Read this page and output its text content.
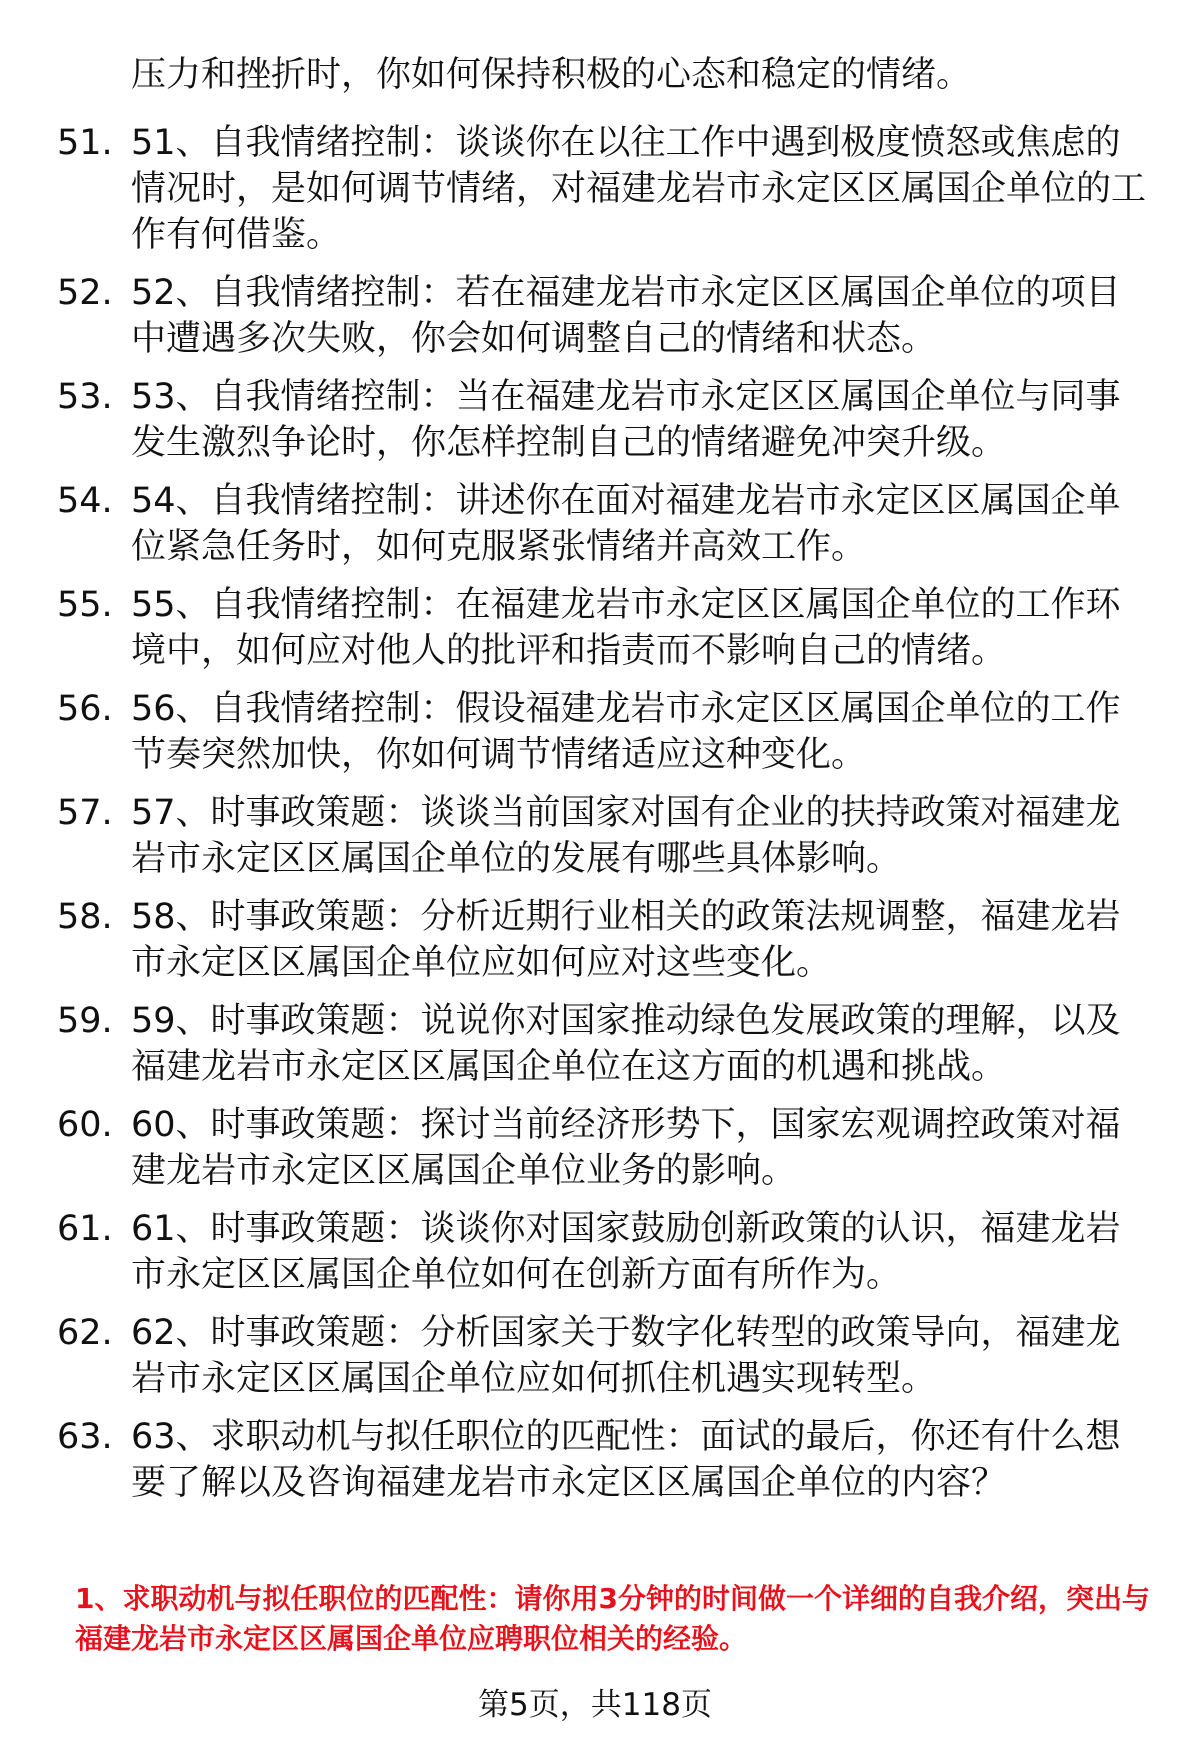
压力和挫折时，你如何保持积极的心态和稳定的情绪。
51. 51、自我情绪控制：谈谈你在以往工作中遇到极度愤怒或焦虑的情况时，是如何调节情绪，对福建龙岩市永定区区属国企单位的工作有何借鉴。
52. 52、自我情绪控制：若在福建龙岩市永定区区属国企单位的项目中遭遇多次失败，你会如何调整自己的情绪和状态。
53. 53、自我情绪控制：当在福建龙岩市永定区区属国企单位与同事发生激烈争论时，你怎样控制自己的情绪避免冲突升级。
54. 54、自我情绪控制：讲述你在面对福建龙岩市永定区区属国企单位紧急任务时，如何克服紧张情绪并高效工作。
55. 55、自我情绪控制：在福建龙岩市永定区区属国企单位的工作环境中，如何应对他人的批评和指责而不影响自己的情绪。
56. 56、自我情绪控制：假设福建龙岩市永定区区属国企单位的工作节奏突然加快，你如何调节情绪适应这种变化。
57. 57、时事政策题：谈谈当前国家对国有企业的扶持政策对福建龙岩市永定区区属国企单位的发展有哪些具体影响。
58. 58、时事政策题：分析近期行业相关的政策法规调整，福建龙岩市永定区区属国企单位应如何应对这些变化。
59. 59、时事政策题：说说你对国家推动绿色发展政策的理解，以及福建龙岩市永定区区属国企单位在这方面的机遇和挑战。
60. 60、时事政策题：探讨当前经济形势下，国家宏观调控政策对福建龙岩市永定区区属国企单位业务的影响。
61. 61、时事政策题：谈谈你对国家鼓励创新政策的认识，福建龙岩市永定区区属国企单位如何在创新方面有所作为。
62. 62、时事政策题：分析国家关于数字化转型的政策导向，福建龙岩市永定区区属国企单位应如何抓住机遇实现转型。
63. 63、求职动机与拟任职位的匹配性：面试的最后，你还有什么想要了解以及咨询福建龙岩市永定区区属国企单位的内容？
1、求职动机与拟任职位的匹配性：请你用3分钟的时间做一个详细的自我介绍，突出与福建龙岩市永定区区属国企单位应聘职位相关的经验。
第5页，共118页
